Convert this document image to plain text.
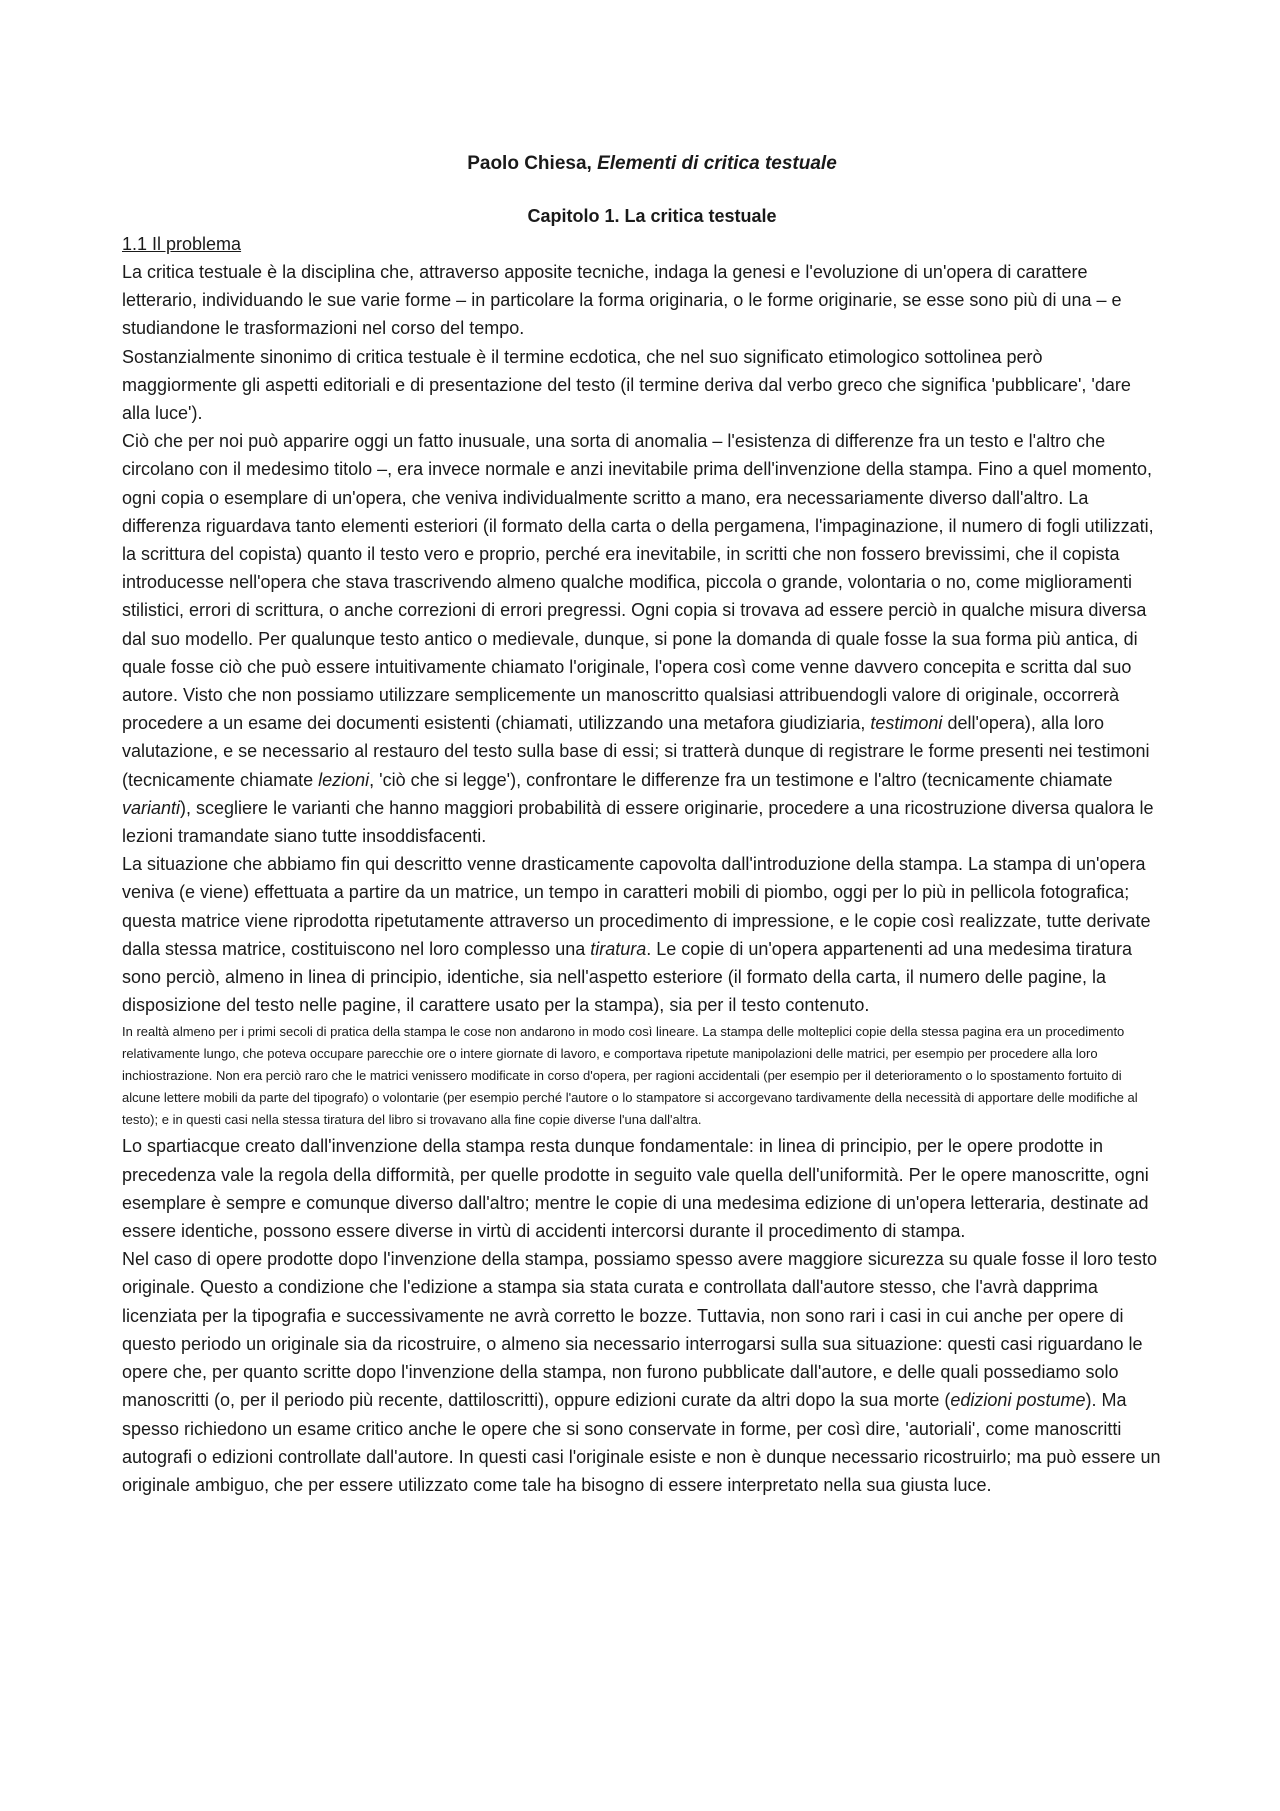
Paolo Chiesa, Elementi di critica testuale
Capitolo 1. La critica testuale
1.1 Il problema

La critica testuale è la disciplina che, attraverso apposite tecniche, indaga la genesi e l'evoluzione di un'opera di carattere letterario, individuando le sue varie forme – in particolare la forma originaria, o le forme originarie, se esse sono più di una – e studiandone le trasformazioni nel corso del tempo.

Sostanzialmente sinonimo di critica testuale è il termine ecdotica, che nel suo significato etimologico sottolinea però maggiormente gli aspetti editoriali e di presentazione del testo (il termine deriva dal verbo greco che significa 'pubblicare', 'dare alla luce').

Ciò che per noi può apparire oggi un fatto inusuale, una sorta di anomalia – l'esistenza di differenze fra un testo e l'altro che circolano con il medesimo titolo –, era invece normale e anzi inevitabile prima dell'invenzione della stampa. Fino a quel momento, ogni copia o esemplare di un'opera, che veniva individualmente scritto a mano, era necessariamente diverso dall'altro. La differenza riguardava tanto elementi esteriori (il formato della carta o della pergamena, l'impaginazione, il numero di fogli utilizzati, la scrittura del copista) quanto il testo vero e proprio, perché era inevitabile, in scritti che non fossero brevissimi, che il copista introducesse nell'opera che stava trascrivendo almeno qualche modifica, piccola o grande, volontaria o no, come miglioramenti stilistici, errori di scrittura, o anche correzioni di errori pregressi. Ogni copia si trovava ad essere perciò in qualche misura diversa dal suo modello. Per qualunque testo antico o medievale, dunque, si pone la domanda di quale fosse la sua forma più antica, di quale fosse ciò che può essere intuitivamente chiamato l'originale, l'opera così come venne davvero concepita e scritta dal suo autore. Visto che non possiamo utilizzare semplicemente un manoscritto qualsiasi attribuendogli valore di originale, occorrerà procedere a un esame dei documenti esistenti (chiamati, utilizzando una metafora giudiziaria, testimoni dell'opera), alla loro valutazione, e se necessario al restauro del testo sulla base di essi; si tratterà dunque di registrare le forme presenti nei testimoni (tecnicamente chiamate lezioni, 'ciò che si legge'), confrontare le differenze fra un testimone e l'altro (tecnicamente chiamate varianti), scegliere le varianti che hanno maggiori probabilità di essere originarie, procedere a una ricostruzione diversa qualora le lezioni tramandate siano tutte insoddisfacenti.

La situazione che abbiamo fin qui descritto venne drasticamente capovolta dall'introduzione della stampa. La stampa di un'opera veniva (e viene) effettuata a partire da un matrice, un tempo in caratteri mobili di piombo, oggi per lo più in pellicola fotografica; questa matrice viene riprodotta ripetutamente attraverso un procedimento di impressione, e le copie così realizzate, tutte derivate dalla stessa matrice, costituiscono nel loro complesso una tiratura. Le copie di un'opera appartenenti ad una medesima tiratura sono perciò, almeno in linea di principio, identiche, sia nell'aspetto esteriore (il formato della carta, il numero delle pagine, la disposizione del testo nelle pagine, il carattere usato per la stampa), sia per il testo contenuto.

In realtà almeno per i primi secoli di pratica della stampa le cose non andarono in modo così lineare. La stampa delle molteplici copie della stessa pagina era un procedimento relativamente lungo, che poteva occupare parecchie ore o intere giornate di lavoro, e comportava ripetute manipolazioni delle matrici, per esempio per procedere alla loro inchiostrazione. Non era perciò raro che le matrici venissero modificate in corso d'opera, per ragioni accidentali (per esempio per il deterioramento o lo spostamento fortuito di alcune lettere mobili da parte del tipografo) o volontarie (per esempio perché l'autore o lo stampatore si accorgevano tardivamente della necessità di apportare delle modifiche al testo); e in questi casi nella stessa tiratura del libro si trovavano alla fine copie diverse l'una dall'altra.

Lo spartiacque creato dall'invenzione della stampa resta dunque fondamentale: in linea di principio, per le opere prodotte in precedenza vale la regola della difformità, per quelle prodotte in seguito vale quella dell'uniformità. Per le opere manoscritte, ogni esemplare è sempre e comunque diverso dall'altro; mentre le copie di una medesima edizione di un'opera letteraria, destinate ad essere identiche, possono essere diverse in virtù di accidenti intercorsi durante il procedimento di stampa.

Nel caso di opere prodotte dopo l'invenzione della stampa, possiamo spesso avere maggiore sicurezza su quale fosse il loro testo originale. Questo a condizione che l'edizione a stampa sia stata curata e controllata dall'autore stesso, che l'avrà dapprima licenziata per la tipografia e successivamente ne avrà corretto le bozze. Tuttavia, non sono rari i casi in cui anche per opere di questo periodo un originale sia da ricostruire, o almeno sia necessario interrogarsi sulla sua situazione: questi casi riguardano le opere che, per quanto scritte dopo l'invenzione della stampa, non furono pubblicate dall'autore, e delle quali possediamo solo manoscritti (o, per il periodo più recente, dattiloscritti), oppure edizioni curate da altri dopo la sua morte (edizioni postume). Ma spesso richiedono un esame critico anche le opere che si sono conservate in forme, per così dire, 'autoriali', come manoscritti autografi o edizioni controllate dall'autore. In questi casi l'originale esiste e non è dunque necessario ricostruirlo; ma può essere un originale ambiguo, che per essere utilizzato come tale ha bisogno di essere interpretato nella sua giusta luce.
